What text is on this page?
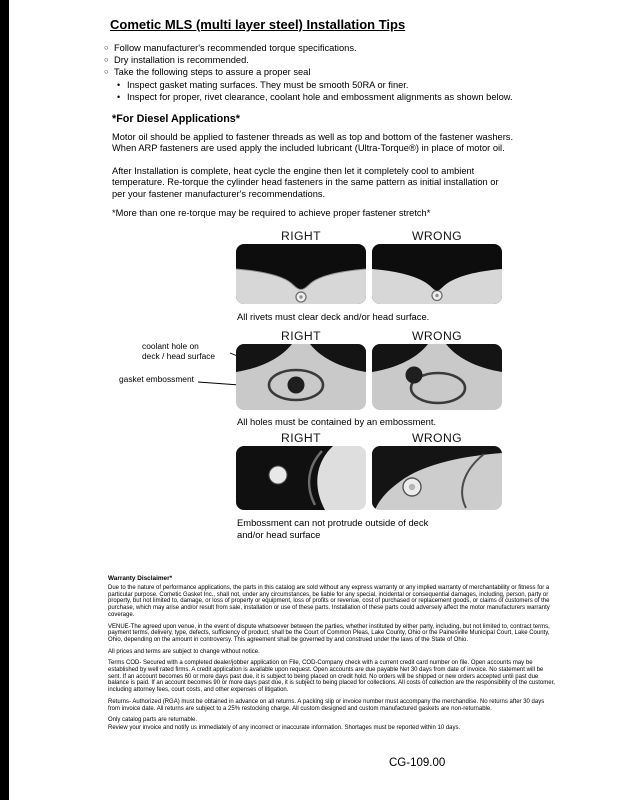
Cometic MLS (multi layer steel) Installation Tips
○ Follow manufacturer's recommended torque specifications.
○ Dry installation is recommended.
○ Take the following steps to assure a proper seal
• Inspect gasket mating surfaces. They must be smooth 50RA or finer.
• Inspect for proper, rivet clearance, coolant hole and embossment alignments as shown below.
*For Diesel Applications*

Motor oil should be applied to fastener threads as well as top and bottom of the fastener washers. When ARP fasteners are used apply the included lubricant (Ultra-Torque®) in place of motor oil.

After Installation is complete, heat cycle the engine then let it completely cool to ambient temperature. Re-torque the cylinder head fasteners in the same pattern as initial installation or per your fastener manufacturer's recommendations.

*More than one re-torque may be required to achieve proper fastener stretch*

RIGHT	WRONG

All rivets must clear deck and/or head surface.

RIGHT	WRONG
coolant hole on
deck / head surface
gasket embossment

All holes must be contained by an embossment.

RIGHT	WRONG

Embossment can not protrude outside of deck and/or head surface

Warranty Disclaimer*

Due to the nature of performance applications, the parts in this catalog are sold without any express warranty or any implied warranty of merchantability or fitness for a particular purpose. Cometic Gasket Inc., shall not, under any circumstances, be liable for any special, incidental or consequential damages, including, person, party or property, but not limited to, damage, or loss of property or equipment, loss of profits or revenue, cost of purchased or replacement goods, or claims of customers of the purchase, which may arise and/or result from sale, installation or use of these parts. Installation of these parts could adversely affect the motor manufacturers warranty coverage.

VENUE-The agreed upon venue, in the event of dispute whatsoever between the parties, whether instituted by either party, including, but not limited to, contract terms, payment terms, delivery, type, defects, sufficiency of product, shall be the Court of Common Pleas, Lake County, Ohio or the Painesville Municipal Court, Lake County, Ohio, depending on the amount in controversy. This agreement shall be governed by and construed under the laws of the State of Ohio.

All prices and terms are subject to change without notice.

Terms COD- Secured with a completed dealer/jobber application on File, COD-Company check with a current credit card number on file. Open accounts may be established by well rated firms. A credit application is available upon request. Open accounts are due payable Net 30 days from date of invoice. No statement will be sent. If an account becomes 60 or more days past due, it is subject to being placed on credit hold. No orders will be shipped or new orders accepted until past due balance is paid. If an account becomes 90 or more days past due, it is subject to being placed for collections. All costs of collection are the responsibility of the customer, including attorney fees, court costs, and other expenses of litigation.

Returns- Authorized (RGA) must be obtained in advance on all returns. A packing slip or invoice number must accompany the merchandise. No returns after 30 days from invoice date. All returns are subject to a 25% restocking charge. All custom designed and custom manufactured gaskets are non-returnable.

Only catalog parts are returnable.

Review your invoice and notify us immediately of any incorrect or inaccurate information. Shortages must be reported within 10 days.

CG-109.00
